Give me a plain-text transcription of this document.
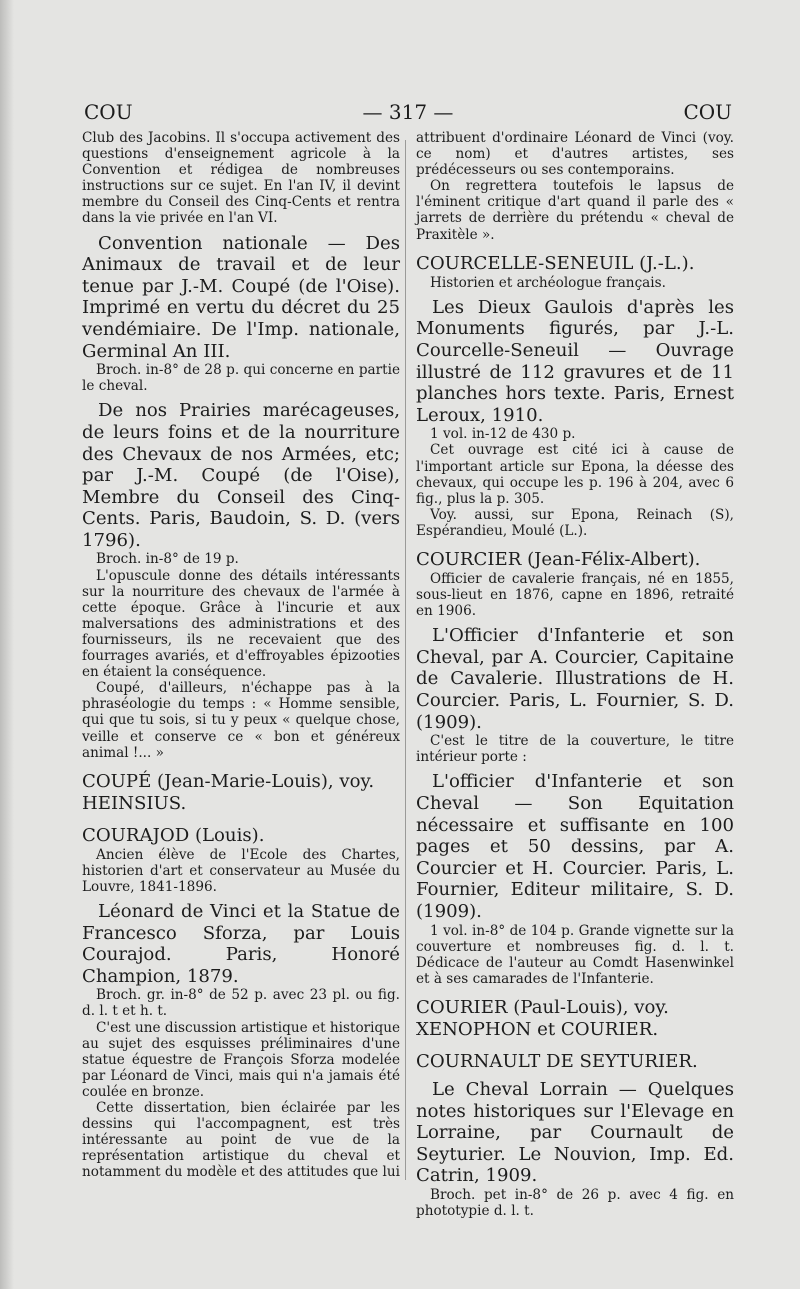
COU	— 317 —	COU

Club des Jacobins. Il s'occupa activement des questions d'enseignement agricole à la Convention et rédigea de nombreuses instructions sur ce sujet. En l'an IV, il devint membre du Conseil des Cinq-Cents et rentra dans la vie privée en l'an VI.

Convention nationale — Des Animaux de travail et de leur tenue par J.-M. Coupé (de l'Oise). Imprimé en vertu du décret du 25 vendémiaire. De l'Imp. nationale, Germinal An III.

Broch. in-8° de 28 p. qui concerne en partie le cheval.

De nos Prairies marécageuses, de leurs foins et de la nourriture des Chevaux de nos Armées, etc; par J.-M. Coupé (de l'Oise), Membre du Conseil des Cinq-Cents. Paris, Baudoin, S. D. (vers 1796).

Broch. in-8° de 19 p.

L'opuscule donne des détails intéressants sur la nourriture des chevaux de l'armée à cette époque. Grâce à l'incurie et aux malversations des administrations et des fournisseurs, ils ne recevaient que des fourrages avariés, et d'effroyables épizooties en étaient la conséquence.

Coupé, d'ailleurs, n'échappe pas à la phraséologie du temps : « Homme sensible, qui que tu sois, si tu y peux « quelque chose, veille et conserve ce « bon et généreux animal !... »

COUPÉ (Jean-Marie-Louis), voy. HEINSIUS.

COURAJOD (Louis).

Ancien élève de l'Ecole des Chartes, historien d'art et conservateur au Musée du Louvre, 1841-1896.

Léonard de Vinci et la Statue de Francesco Sforza, par Louis Courajod. Paris, Honoré Champion, 1879.

Broch. gr. in-8° de 52 p. avec 23 pl. ou fig. d. l. t et h. t.

C'est une discussion artistique et historique au sujet des esquisses préliminaires d'une statue équestre de François Sforza modelée par Léonard de Vinci, mais qui n'a jamais été coulée en bronze.

Cette dissertation, bien éclairée par les dessins qui l'accompagnent, est très intéressante au point de vue de la représentation artistique du cheval et notamment du modèle et des attitudes que lui

attribuent d'ordinaire Léonard de Vinci (voy. ce nom) et d'autres artistes, ses prédécesseurs ou ses contemporains.

On regrettera toutefois le lapsus de l'éminent critique d'art quand il parle des « jarrets de derrière du prétendu « cheval de Praxitèle ».

COURCELLE-SENEUIL (J.-L.).

Historien et archéologue français.

Les Dieux Gaulois d'après les Monuments figurés, par J.-L. Courcelle-Seneuil — Ouvrage illustré de 112 gravures et de 11 planches hors texte. Paris, Ernest Leroux, 1910.

1 vol. in-12 de 430 p.

Cet ouvrage est cité ici à cause de l'important article sur Epona, la déesse des chevaux, qui occupe les p. 196 à 204, avec 6 fig., plus la p. 305.

Voy. aussi, sur Epona, Reinach (S), Espérandieu, Moulé (L.).

COURCIER (Jean-Félix-Albert).

Officier de cavalerie français, né en 1855, sous-lieut en 1876, capne en 1896, retraité en 1906.

L'Officier d'Infanterie et son Cheval, par A. Courcier, Capitaine de Cavalerie. Illustrations de H. Courcier. Paris, L. Fournier, S. D. (1909).

C'est le titre de la couverture, le titre intérieur porte :

L'officier d'Infanterie et son Cheval — Son Equitation nécessaire et suffisante en 100 pages et 50 dessins, par A. Courcier et H. Courcier. Paris, L. Fournier, Editeur militaire, S. D. (1909).

1 vol. in-8° de 104 p. Grande vignette sur la couverture et nombreuses fig. d. l. t. Dédicace de l'auteur au Comdt Hasenwinkel et à ses camarades de l'Infanterie.

COURIER (Paul-Louis), voy. XENOPHON et COURIER.

COURNAULT DE SEYTURIER.

Le Cheval Lorrain — Quelques notes historiques sur l'Elevage en Lorraine, par Cournault de Seyturier. Le Nouvion, Imp. Ed. Catrin, 1909.

Broch. pet in-8° de 26 p. avec 4 fig. en phototypie d. l. t.
